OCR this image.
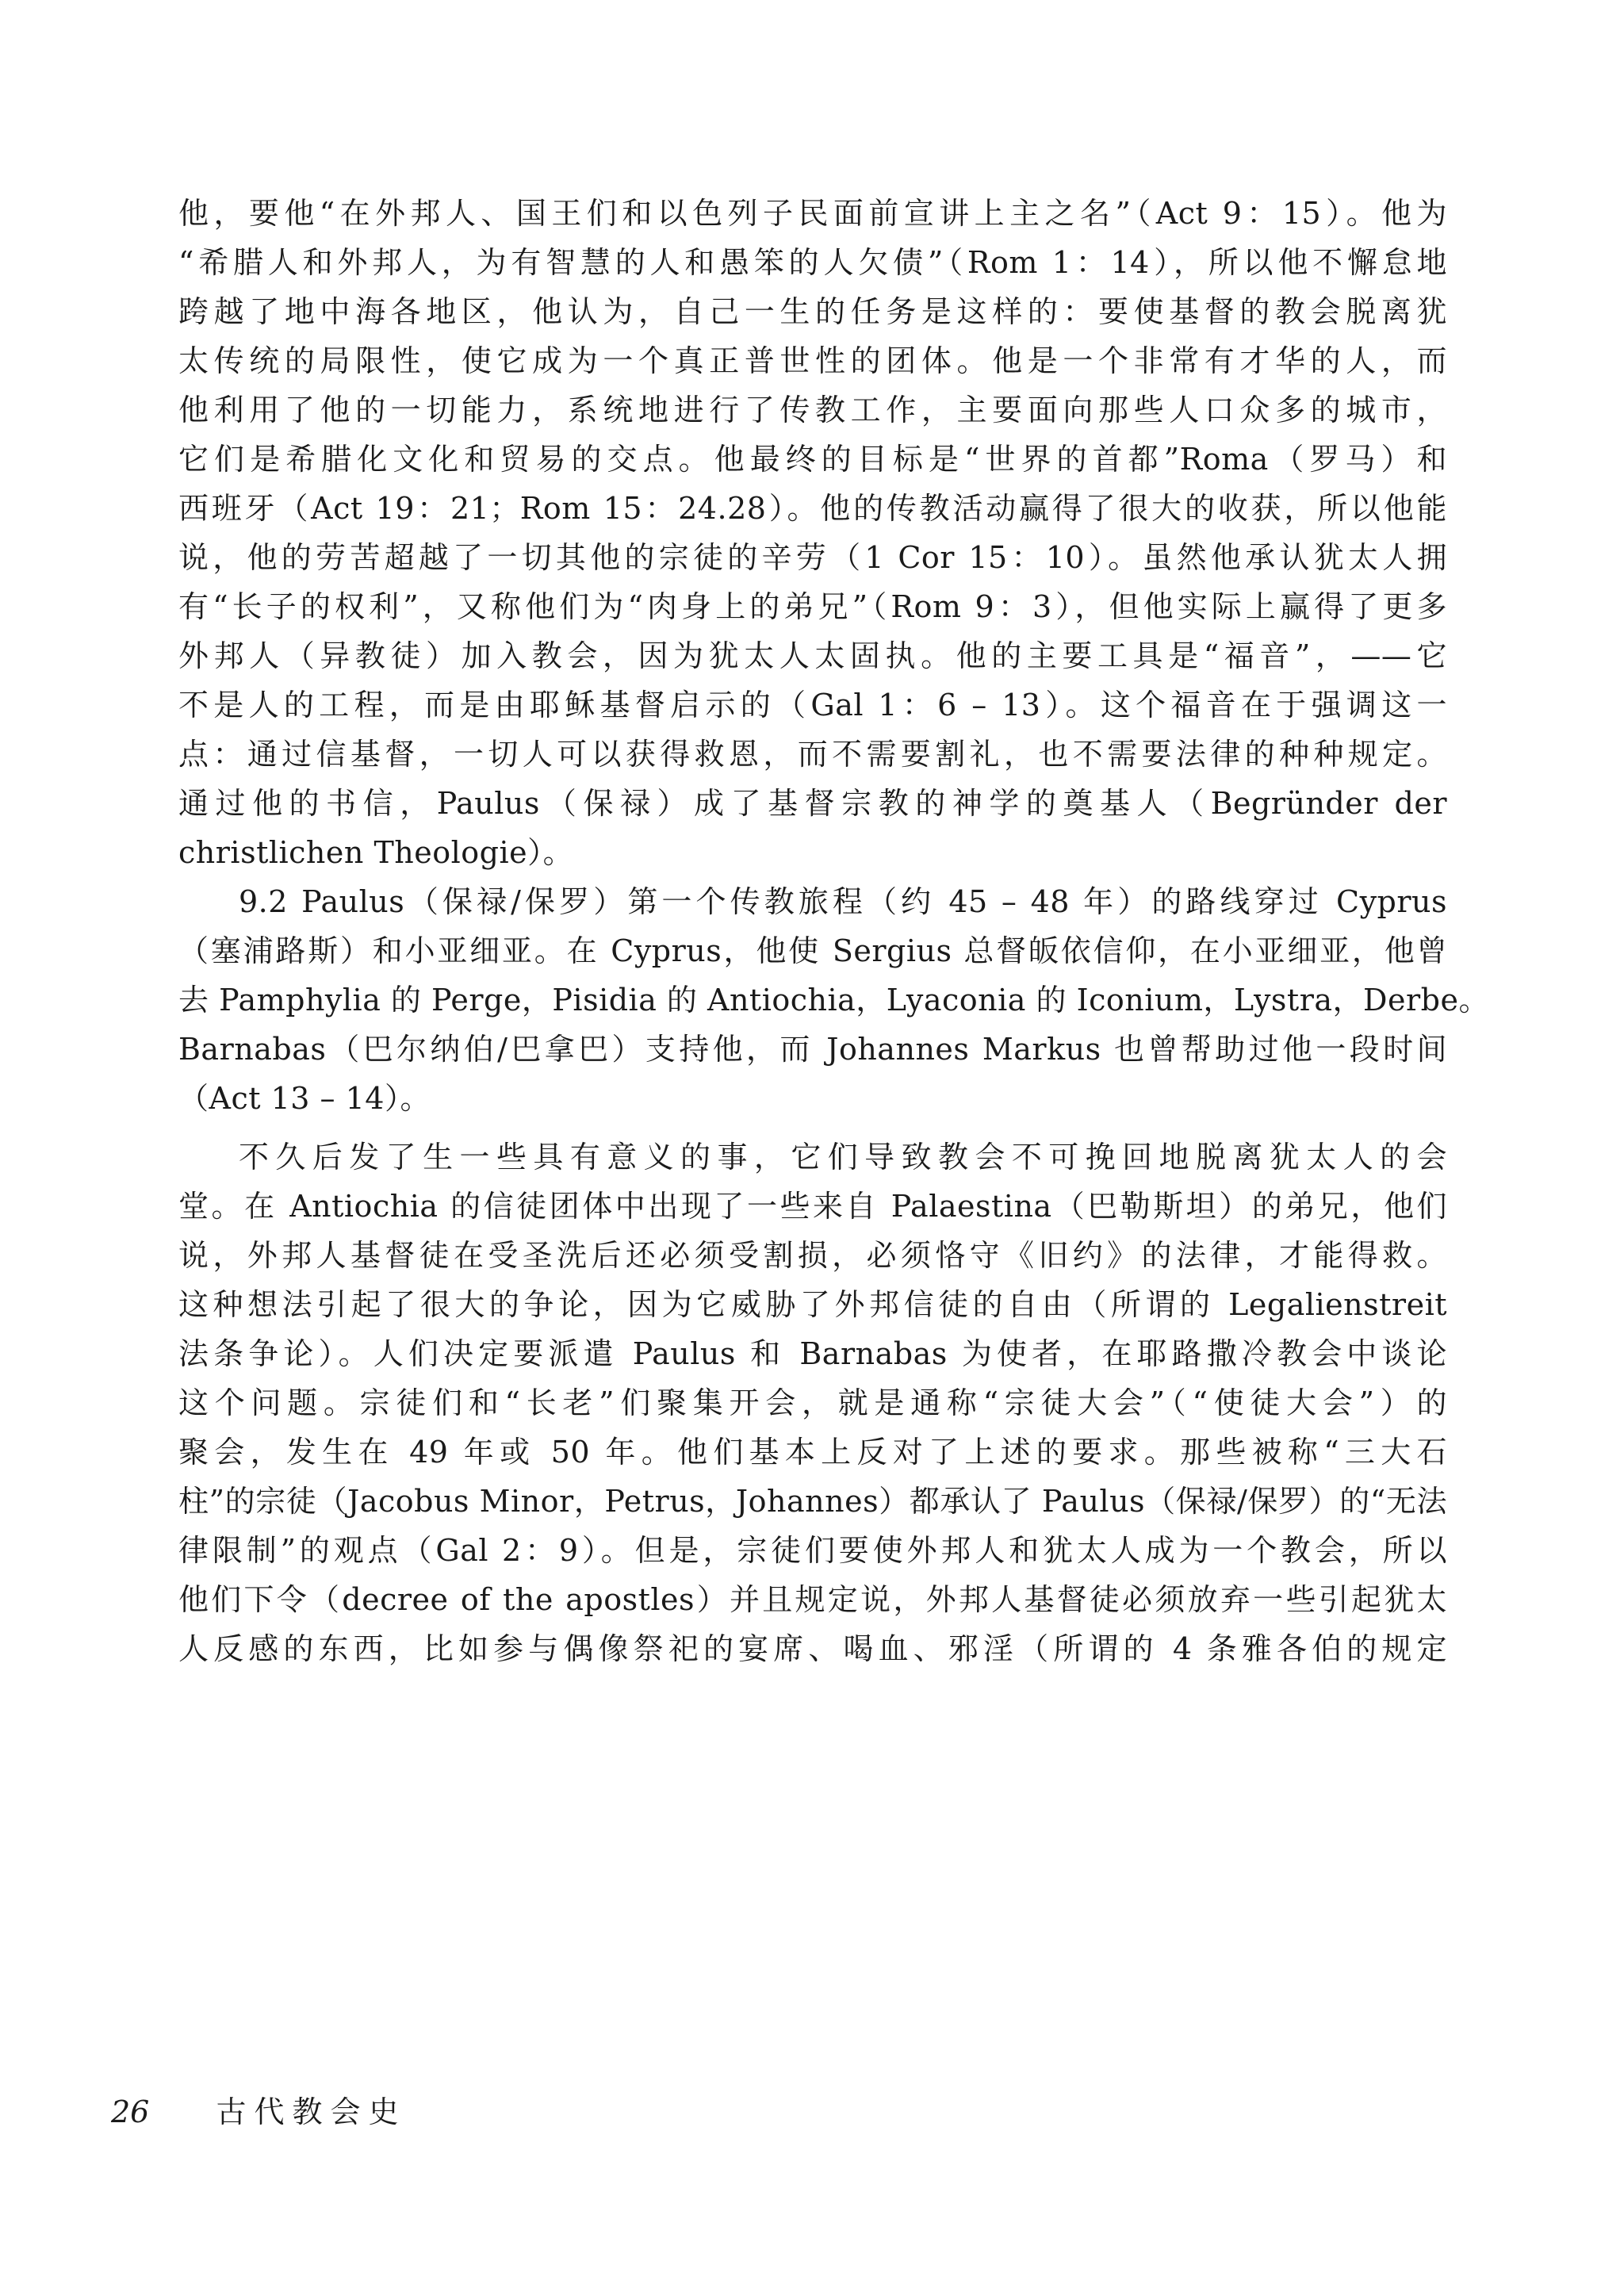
他，要他“在外邦人、国王们和以色列子民面前宣讲上主之名”（Act 9：15）。他为
“希腊人和外邦人，为有智慧的人和愚笨的人欠债”（Rom 1：14），所以他不懈怠地
跨越了地中海各地区，他认为，自己一生的任务是这样的：要使基督的教会脱离犹
太传统的局限性，使它成为一个真正普世性的团体。他是一个非常有才华的人，而
他利用了他的一切能力，系统地进行了传教工作，主要面向那些人口众多的城市，
它们是希腊化文化和贸易的交点。他最终的目标是“世界的首都”Roma（罗马）和
西班牙（Act 19：21；Rom 15：24.28）。他的传教活动赢得了很大的收获，所以他能
说，他的劳苦超越了一切其他的宗徒的辛劳（1 Cor 15：10）。虽然他承认犹太人拥
有“长子的权利”，又称他们为“肉身上的弟兄”（Rom 9：3），但他实际上赢得了更多
外邦人（异教徒）加入教会，因为犹太人太固执。他的主要工具是“福音”，——它
不是人的工程，而是由耶稣基督启示的（Gal 1：6 – 13）。这个福音在于强调这一
点：通过信基督，一切人可以获得救恩，而不需要割礼，也不需要法律的种种规定。
通过他的书信，Paulus（保禄）成了基督宗教的神学的奠基人（Begründer der
christlichen Theologie）。
9.2 Paulus（保禄/保罗）第一个传教旅程（约 45 – 48 年）的路线穿过 Cyprus
（塞浦路斯）和小亚细亚。在 Cyprus，他使 Sergius 总督皈依信仰，在小亚细亚，他曾
去 Pamphylia 的 Perge，Pisidia 的 Antiochia，Lyaconia 的 Iconium，Lystra，Derbe。
Barnabas（巴尔纳伯/巴拿巴）支持他，而 Johannes Markus 也曾帮助过他一段时间
（Act 13 – 14）。
不久后发了生一些具有意义的事，它们导致教会不可挽回地脱离犹太人的会
堂。在 Antiochia 的信徒团体中出现了一些来自 Palaestina（巴勒斯坦）的弟兄，他们
说，外邦人基督徒在受圣洗后还必须受割损，必须恪守《旧约》的法律，才能得救。
这种想法引起了很大的争论，因为它威胁了外邦信徒的自由（所谓的 Legalienstreit
法条争论）。人们决定要派遣 Paulus 和 Barnabas 为使者，在耶路撒冷教会中谈论
这个问题。宗徒们和“长老”们聚集开会，就是通称“宗徒大会”（“使徒大会”）的
聚会，发生在 49 年或 50 年。他们基本上反对了上述的要求。那些被称“三大石
柱”的宗徒（Jacobus Minor，Petrus，Johannes）都承认了 Paulus（保禄/保罗）的“无法
律限制”的观点（Gal 2：9）。但是，宗徒们要使外邦人和犹太人成为一个教会，所以
他们下令（decree of the apostles）并且规定说，外邦人基督徒必须放弃一些引起犹太
人反感的东西，比如参与偶像祭祀的宴席、喝血、邪淫（所谓的 4 条雅各伯的规定
26 古代教会史
